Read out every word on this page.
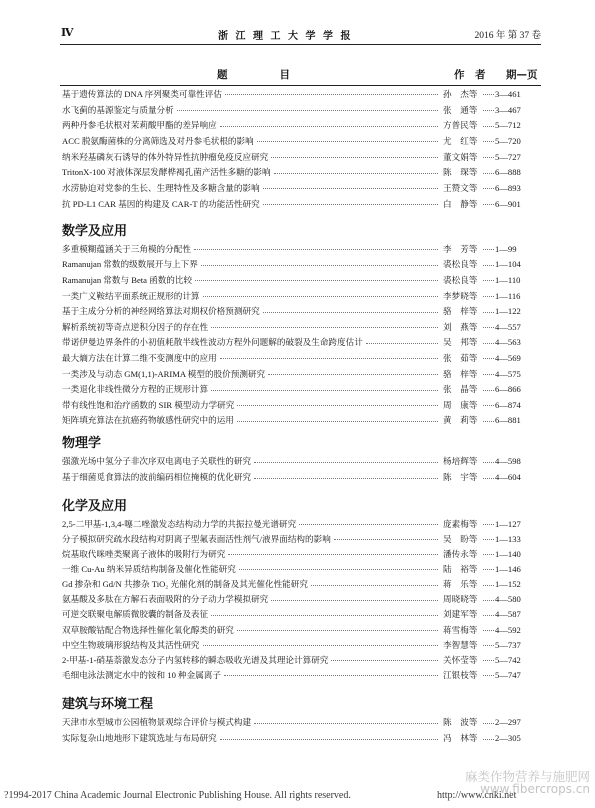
Ⅳ	浙 江 理 工 大 学 学 报	2016 年 第 37 卷
题　　　　目	作　者 期—页
基于遗传算法的 DNA 序列聚类可靠性评估	孙　杰等	3—461
水飞蓟的基源鉴定与质量分析	张　通等	3—467
两种丹参毛状根对茉莉酸甲酯的差异响应	方普民等	5—712
ACC 脱氨酶菌株的分离筛选及对丹参毛状根的影响	尤　红等	5—720
纳米羟基磷灰石诱导的体外特异性抗肿瘤免疫反应研究	董文娟等	5—727
TritonX-100 对液体深层发酵桦褐孔菌产活性多糖的影响	陈　琛等	6—888
水涝胁迫对党参的生长、生理特性及多糖含量的影响	王赞文等	6—893
抗 PD-L1 CAR 基因的构建及 CAR-T 的功能活性研究	白　静等	6—901
数学及应用
多重模糊蕴涵关于三角模的分配性	李　芳等	1—99
Ramanujan 常数的级数展开与上下界	裘松良等	1—104
Ramanujan 常数与 Beta 函数的比较	裘松良等	1—110
一类广义鞍结平面系统正规形的计算	李梦晓等	1—116
基于主成分分析的神经网络算法对期权价格预测研究	骆　梓等	1—122
解析系统初等奇点逆积分因子的存在性	刘　燕等	4—557
带诺伊曼边界条件的小初值耗散半线性波动方程外问题解的破裂及生命跨度估计	吴　邦等	4—563
最大熵方法在计算二维不变测度中的应用	张　茹等	4—569
一类涉及与动态 GM(1,1)-ARIMA 模型的股价预测研究	骆　梓等	4—575
一类退化非线性微分方程的正规形计算	张　晶等	6—866
带有线性饱和治疗函数的 SIR 模型动力学研究	周　康等	6—874
矩阵填充算法在抗癌药物敏感性研究中的运用	黄　莉等	6—881
物理学
强激光场中氢分子非次序双电离电子关联性的研究	杨培辉等	4—598
基于细菌觅食算法的波前编码相位掩模的优化研究	陈　宇等	4—604
化学及应用
2,5-二甲基-1,3,4-噻二唑激发态结构动力学的共振拉曼光谱研究	庞素梅等	1—127
分子模拟研究疏水段结构对阴离子型氟表面活性剂气/液界面结构的影响	吴　盼等	1—133
烷基取代咪唑类聚离子液体的吸附行为研究	潘传永等	1—140
一维 Cu-Au 纳米异质结构制备及催化性能研究	陆　裕等	1—146
Gd 掺杂和 Gd/N 共掺杂 TiO₂ 光催化剂的制备及其光催化性能研究	蒋　乐等	1—152
氨基酸及多肽在方解石表面吸附的分子动力学模拟研究	周晓晓等	4—580
可逆交联聚电解质微胶囊的制备及表征	刘建军等	4—587
双草胺酸钴配合物选择性催化氧化醇类的研究	蒋雪梅等	4—592
中空生物玻璃形貌结构及其活性研究	李智慧等	5—737
2-甲基-1-硝基萘激发态分子内氢转移的瞬态吸收光谱及其理论计算研究	关怀莹等	5—742
毛细电泳法测定水中的铵和 10 种金属离子	江银枝等	5—747
建筑与环境工程
天津市水型城市公园植物景观综合评价与模式构建	陈　波等	2—297
实际复杂山地地形下建筑选址与布局研究	冯　林等	2—305
麻类作物营养与施肥网
www.fibercrops.cn
?1994-2017 China Academic Journal Electronic Publishing House. All rights reserved.	http://www.cnki.net
